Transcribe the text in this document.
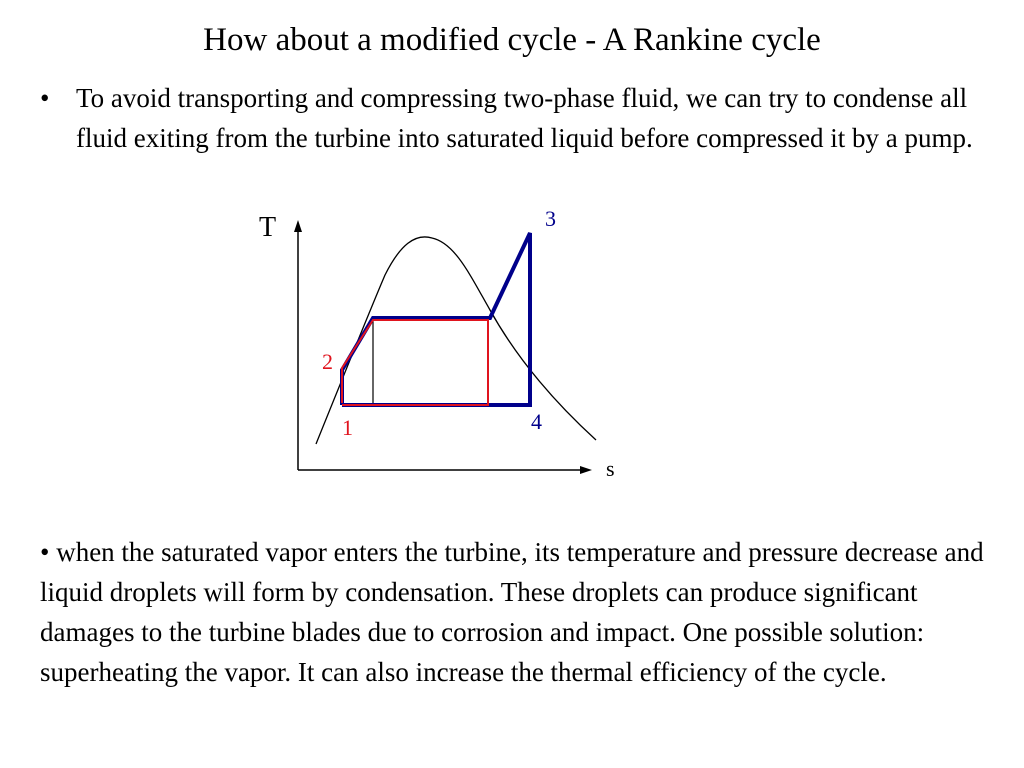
How about a modified cycle - A Rankine cycle
• To avoid transporting and compressing two-phase fluid, we can try to condense all fluid exiting from the turbine into saturated liquid before compressed it by a pump.
T
s
2
1
3
4

• when the saturated vapor enters the turbine, its temperature and pressure decrease and liquid droplets will form by condensation. These droplets can produce significant damages to the turbine blades due to corrosion and impact. One possible solution: superheating the vapor. It can also increase the thermal efficiency of the cycle.
